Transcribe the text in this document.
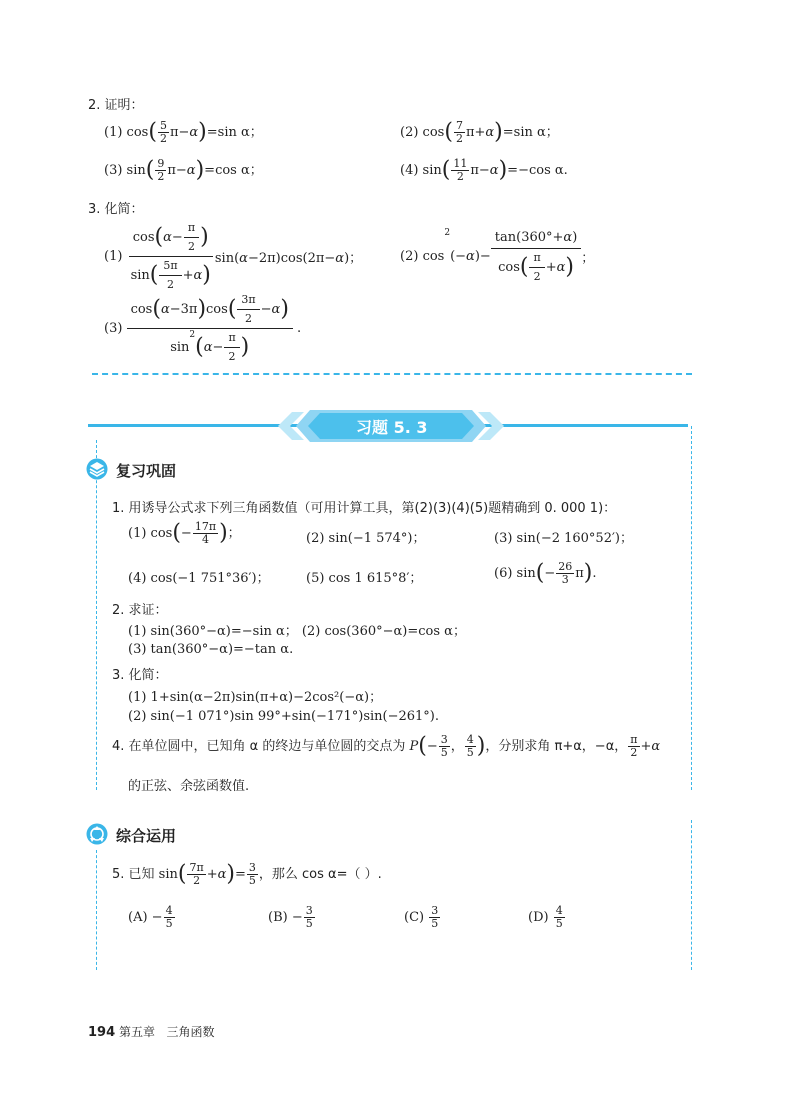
2. 证明：
(1) $\cos( \frac{5}{2} \pi-\alpha)=\sin$ α；	(2) $\cos( \frac{7}{2} \pi+\alpha)=\sin$ α；
(3) $\sin( \frac{9}{2} \pi-\alpha)=\cos$ α；	(4) $\sin( \frac{11}{2} \pi-\alpha)=-\cos$ α.
3. 化简：
$(1) \frac{\cos(\alpha- \frac{\pi}{2} )}{\sin( \frac{5\pi}{2} +\alpha)} \sin(\alpha-2\pi)\cos(2\pi-\alpha)$；	(2) $\cos^2(-\alpha)- \frac{\tan(360^\circ+\alpha)}{\cos( \frac{\pi}{2} +\alpha)}$ ；
$(3) \frac{\cos(\alpha-3\pi)\cos( \frac{3\pi}{2} -\alpha)}{\sin^2(\alpha- \frac{\pi}{2} )}$ .
习题 5. 3
复习巩固
1. 用诱导公式求下列三角函数值（可用计算工具，第(2)(3)(4)(5)题精确到 0. 000 1)：
(1) $\cos(- \frac{17\pi}{4}$ )；	(2) sin(−1 574°)；	(3) sin(−2 160°52′)；
(4) cos(−1 751°36′)；	(5) cos 1 615°8′；	(6) $\sin(- \frac{26}{3} \pi)$.
2. 求证：
(1) sin(360°−α)=−sin α； (2) cos(360°−α)=cos α；
(3) tan(360°−α)=−tan α.
3. 化简：
(1) 1+sin(α−2π)sin(π+α)−2cos²(−α)；
(2) sin(−1 071°)sin 99°+sin(−171°)sin(−261°).
4. 在单位圆中，已知角 α 的终边与单位圆的交点为 $P(- \frac{3}{5}$ ， $\frac{4}{5}$ )，分别求角 π+α，−α， $\frac{\pi}{2} +\alpha$
的正弦、余弦函数值.
综合运用
5. 已知 $\sin( \frac{7\pi}{2} +\alpha)= \frac{3}{5}$ ，那么 cos α=（ ）.
$(A) - \frac{4}{5}$	$(B) - \frac{3}{5}$	$(C) \frac{3}{5}$	$(D) \frac{4}{5}$
194 第五章 三角函数
